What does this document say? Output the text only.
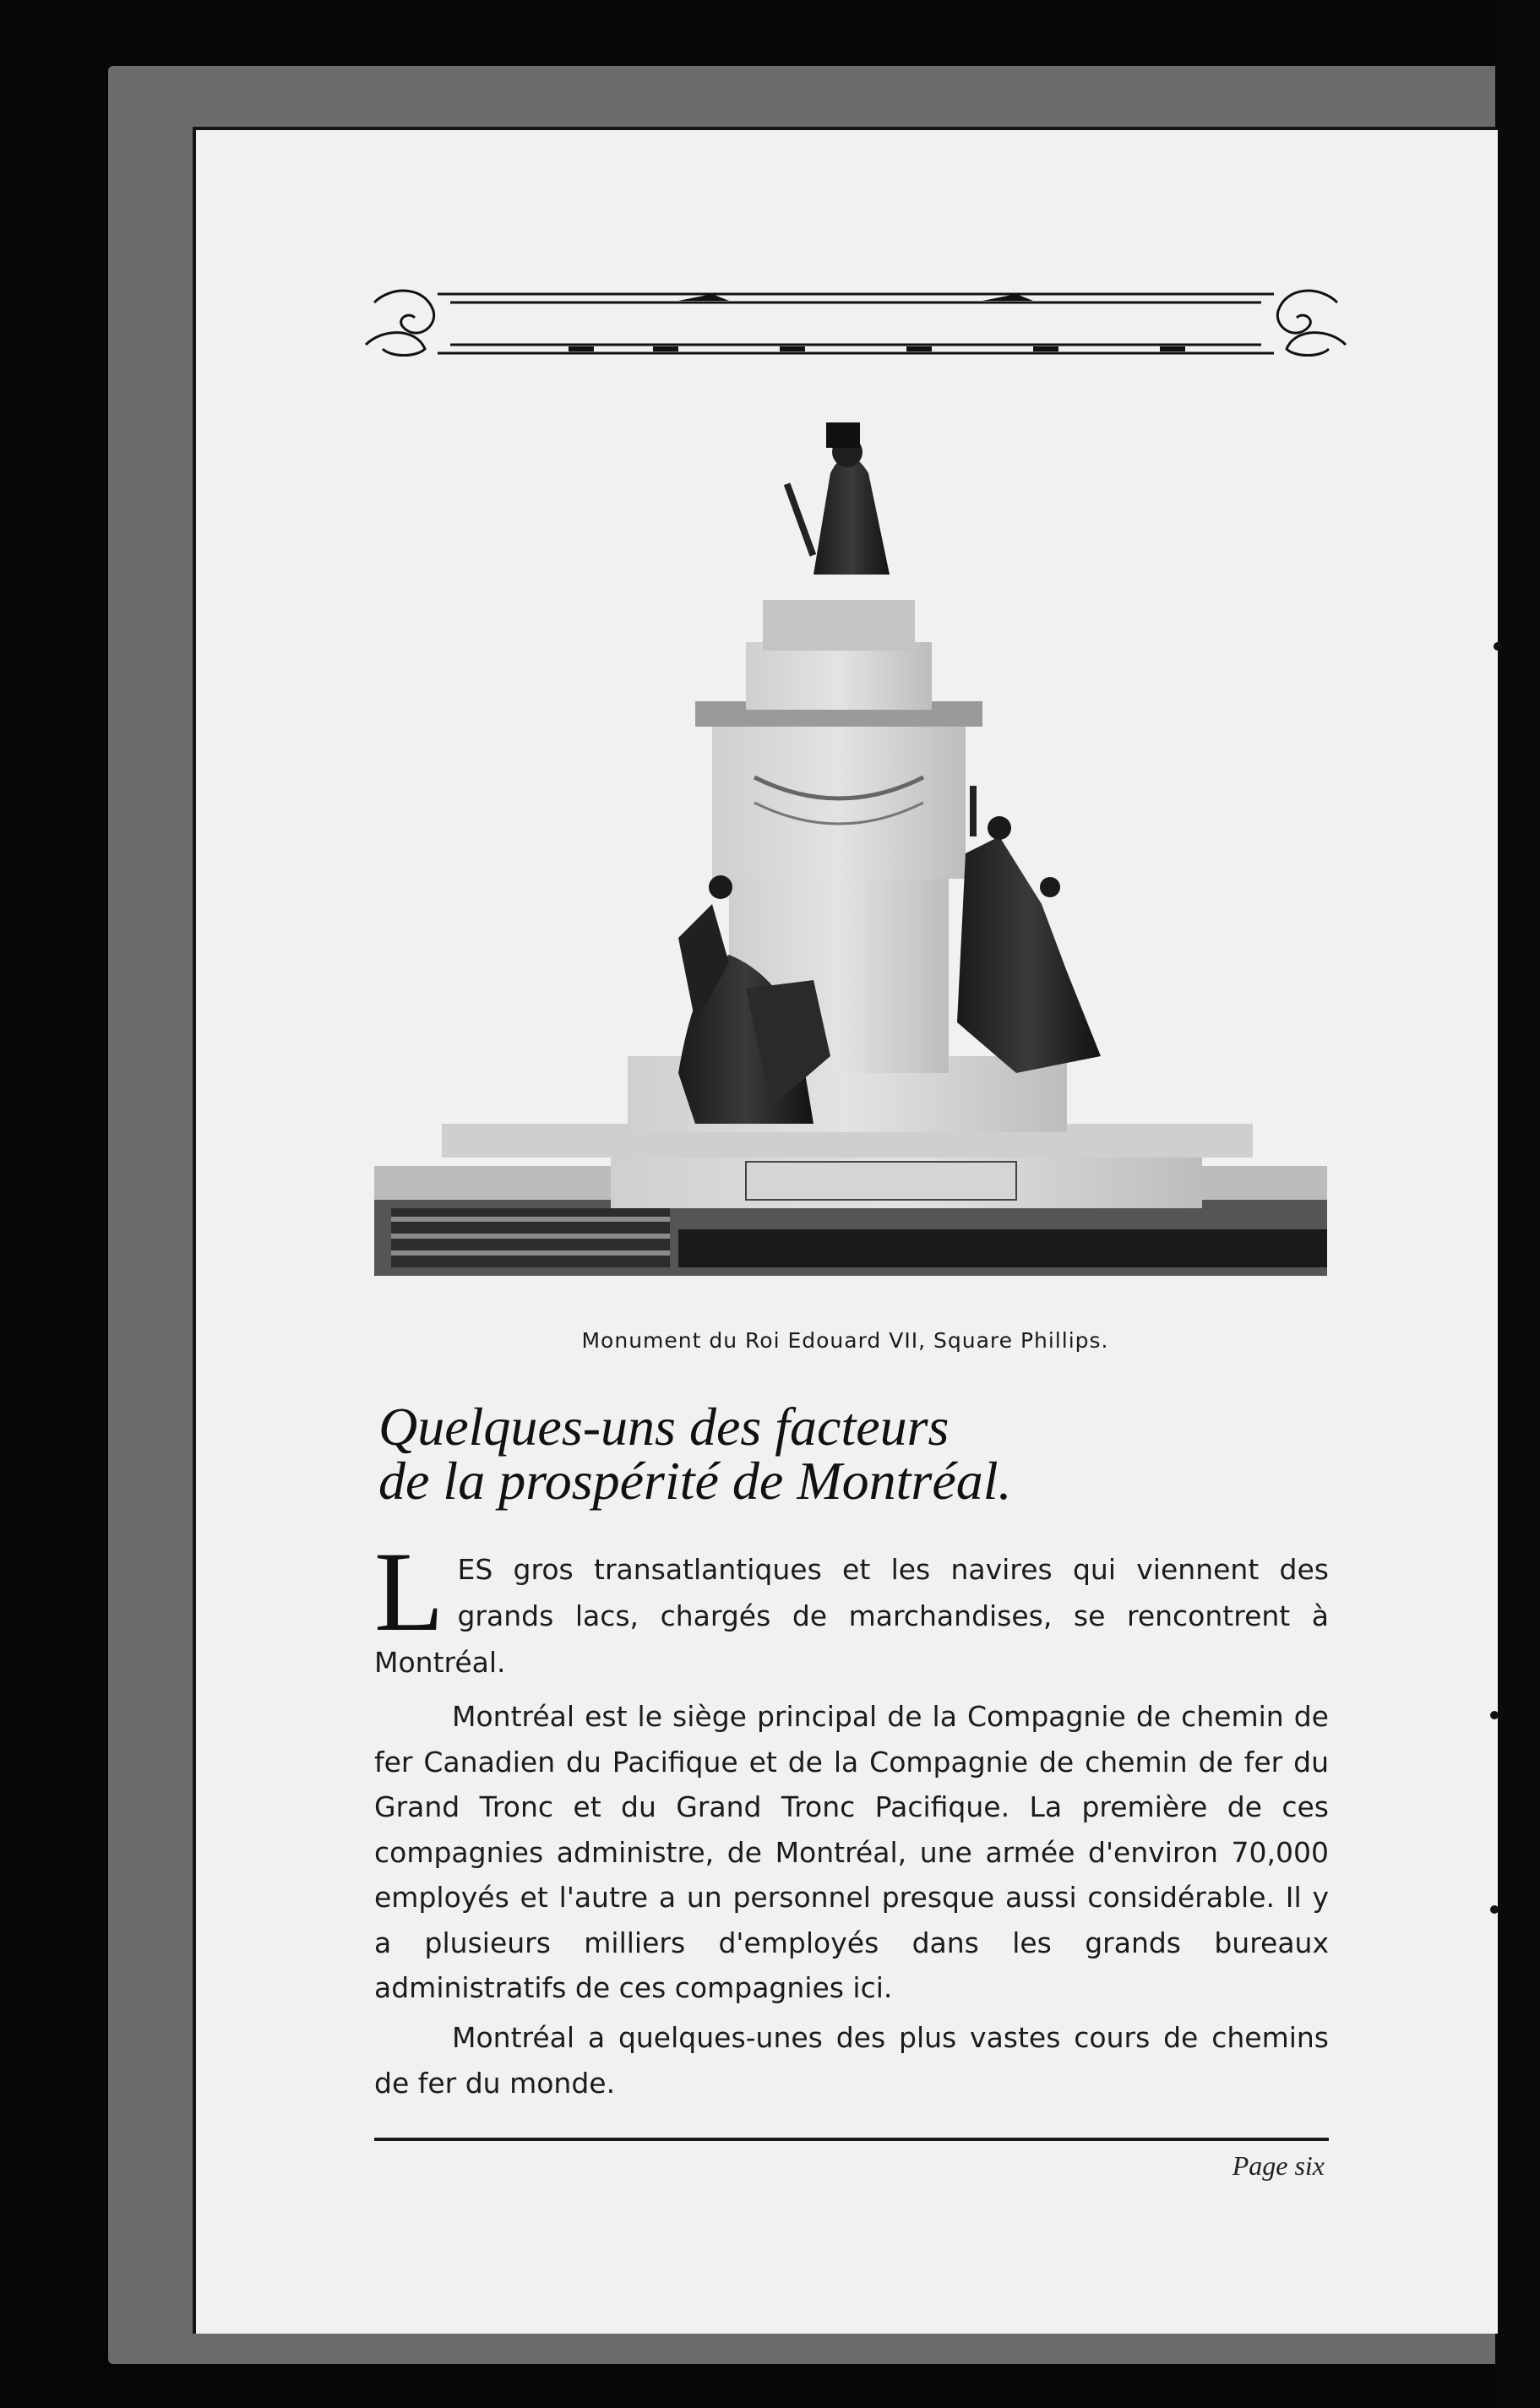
Monument du Roi Edouard VII, Square Phillips.
Quelques-uns des facteurs
de la prospérité de Montréal.
LES gros transatlantiques et les navires qui viennent des grands lacs, chargés de marchandises, se rencontrent à Montréal.
Montréal est le siège principal de la Compagnie de chemin de fer Canadien du Pacifique et de la Compagnie de chemin de fer du Grand Tronc et du Grand Tronc Pacifique. La première de ces compagnies administre, de Montréal, une armée d'environ 70,000 employés et l'autre a un personnel presque aussi considérable. Il y a plusieurs milliers d'employés dans les grands bureaux administratifs de ces compagnies ici.
Montréal a quelques-unes des plus vastes cours de chemins de fer du monde.
Page six
